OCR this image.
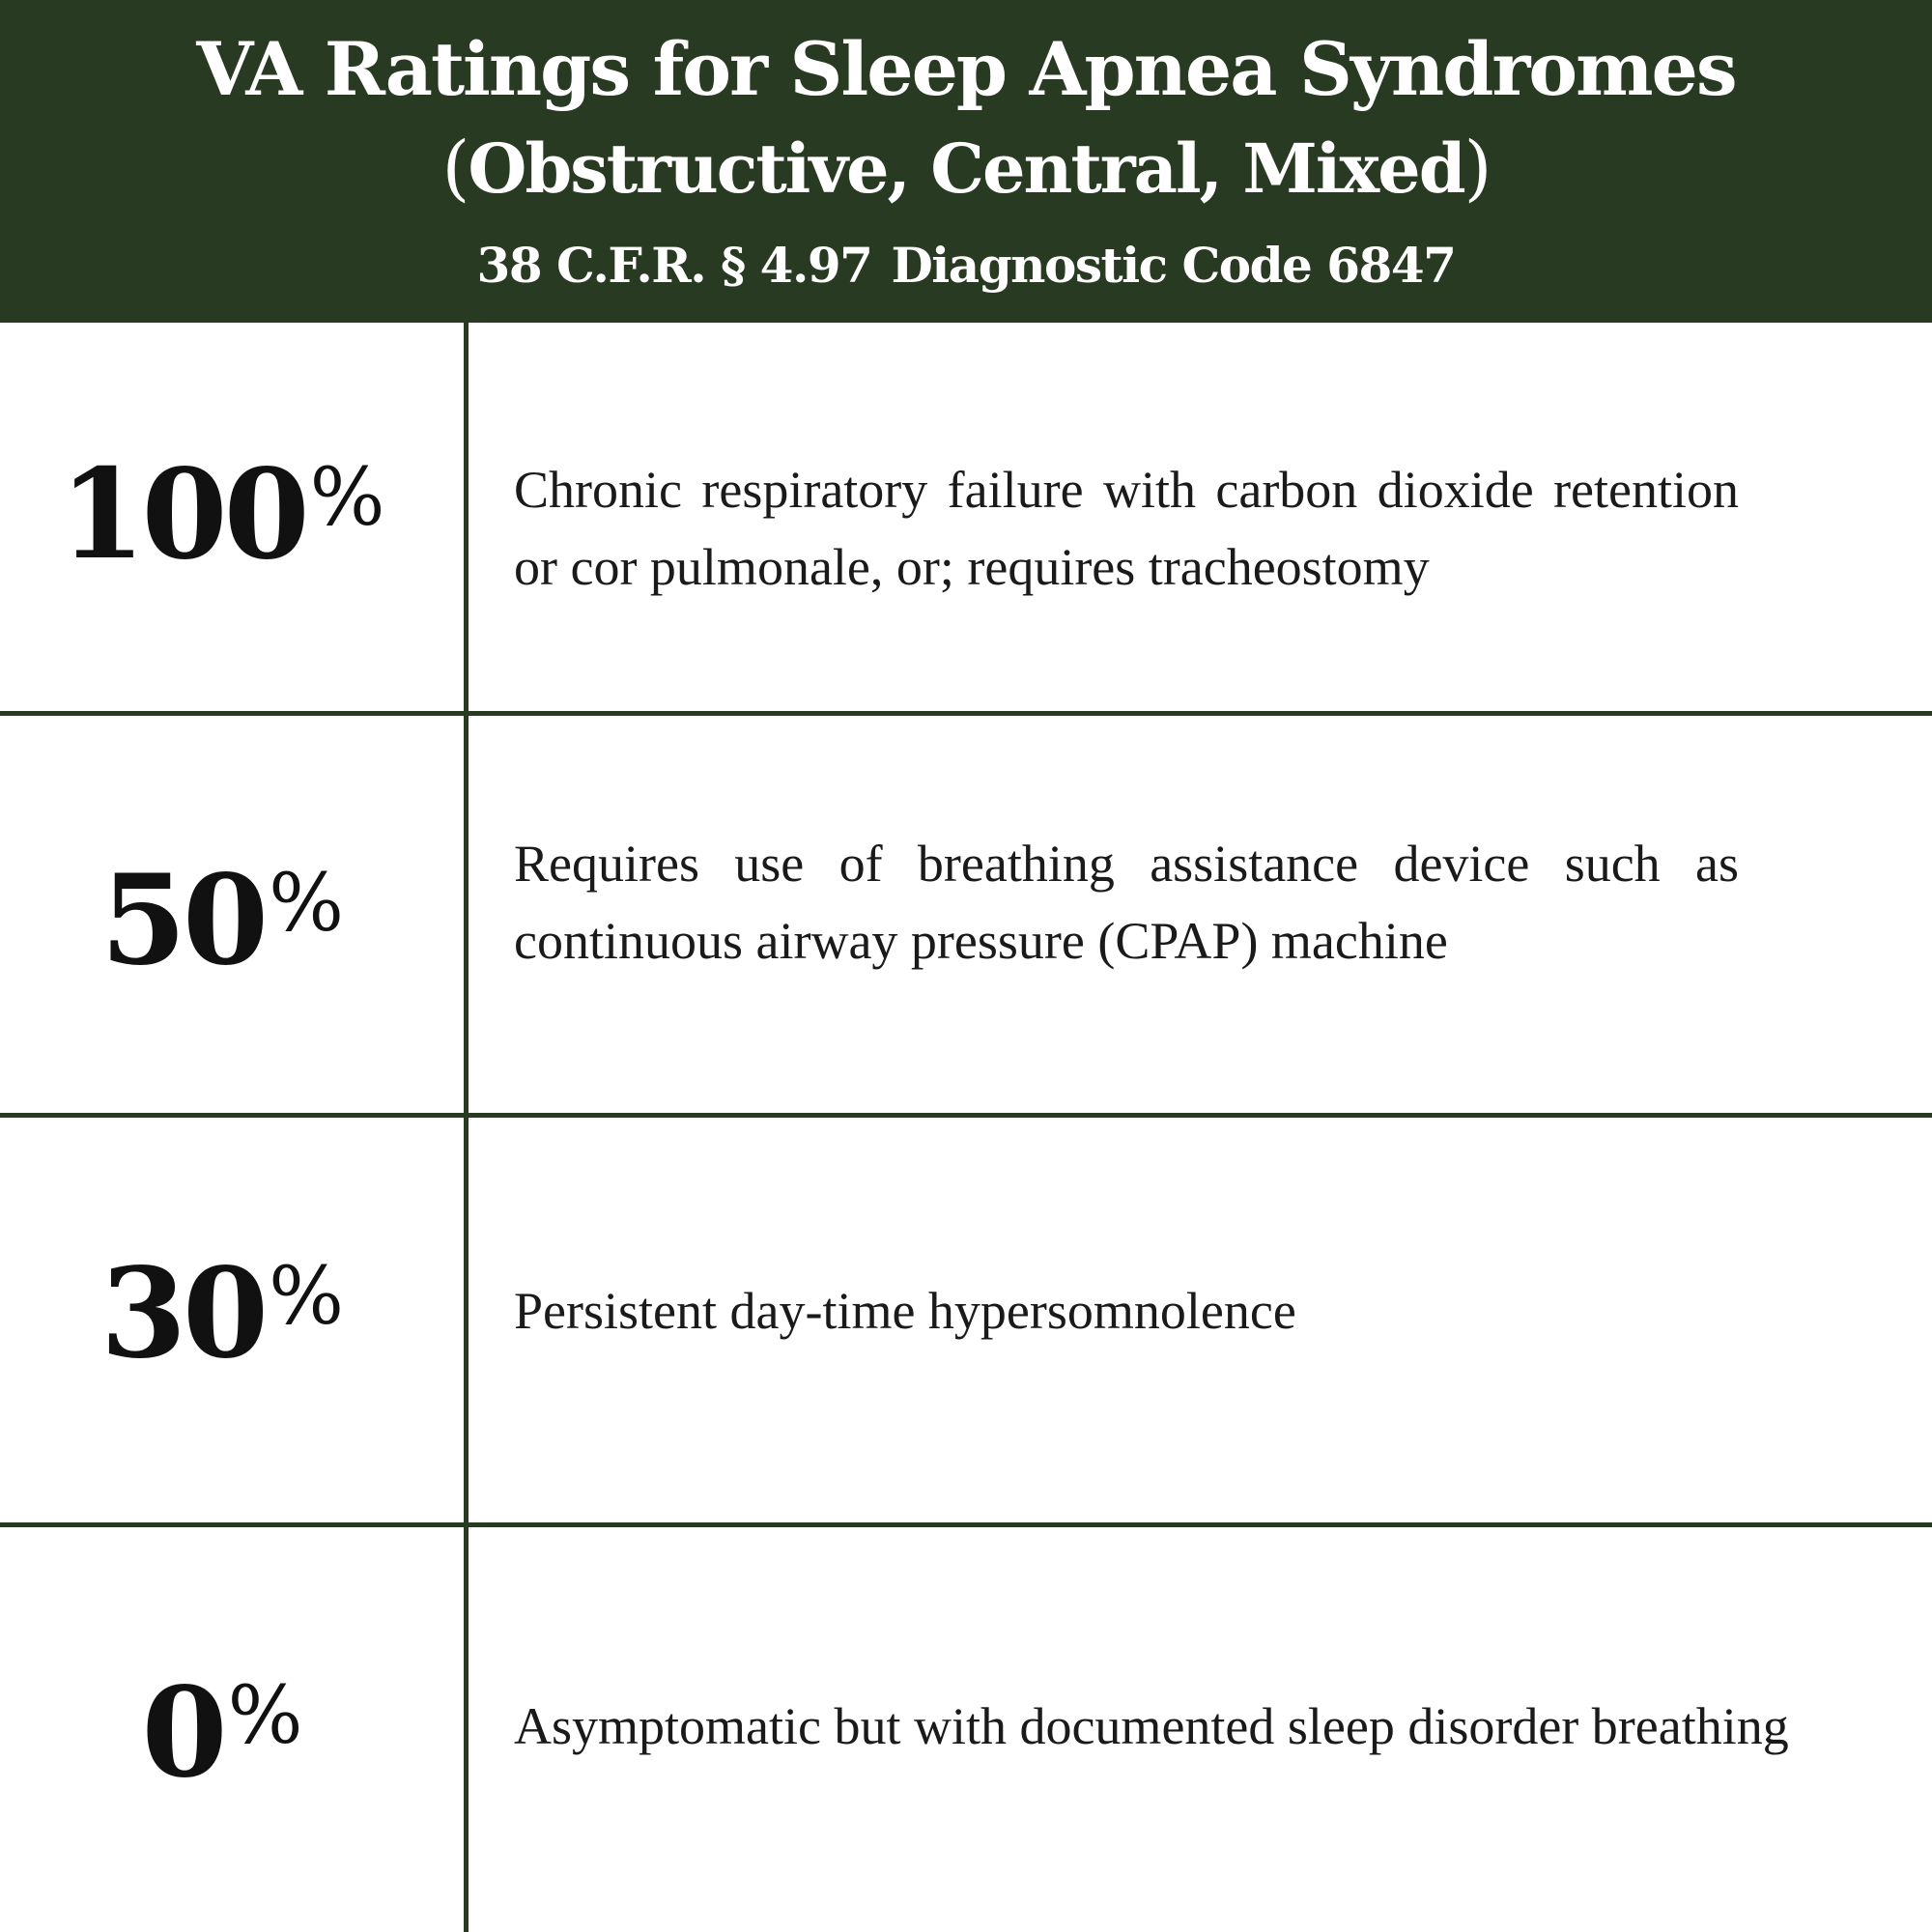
VA Ratings for Sleep Apnea Syndromes
(Obstructive, Central, Mixed)
38 C.F.R. § 4.97 Diagnostic Code 6847
100%	Chronic respiratory failure with carbon dioxide retention or cor pulmonale, or; requires tracheostomy
50%	Requires use of breathing assistance device such as continuous airway pressure (CPAP) machine
30%	Persistent day-time hypersomnolence
0%	Asymptomatic but with documented sleep disorder breathing
